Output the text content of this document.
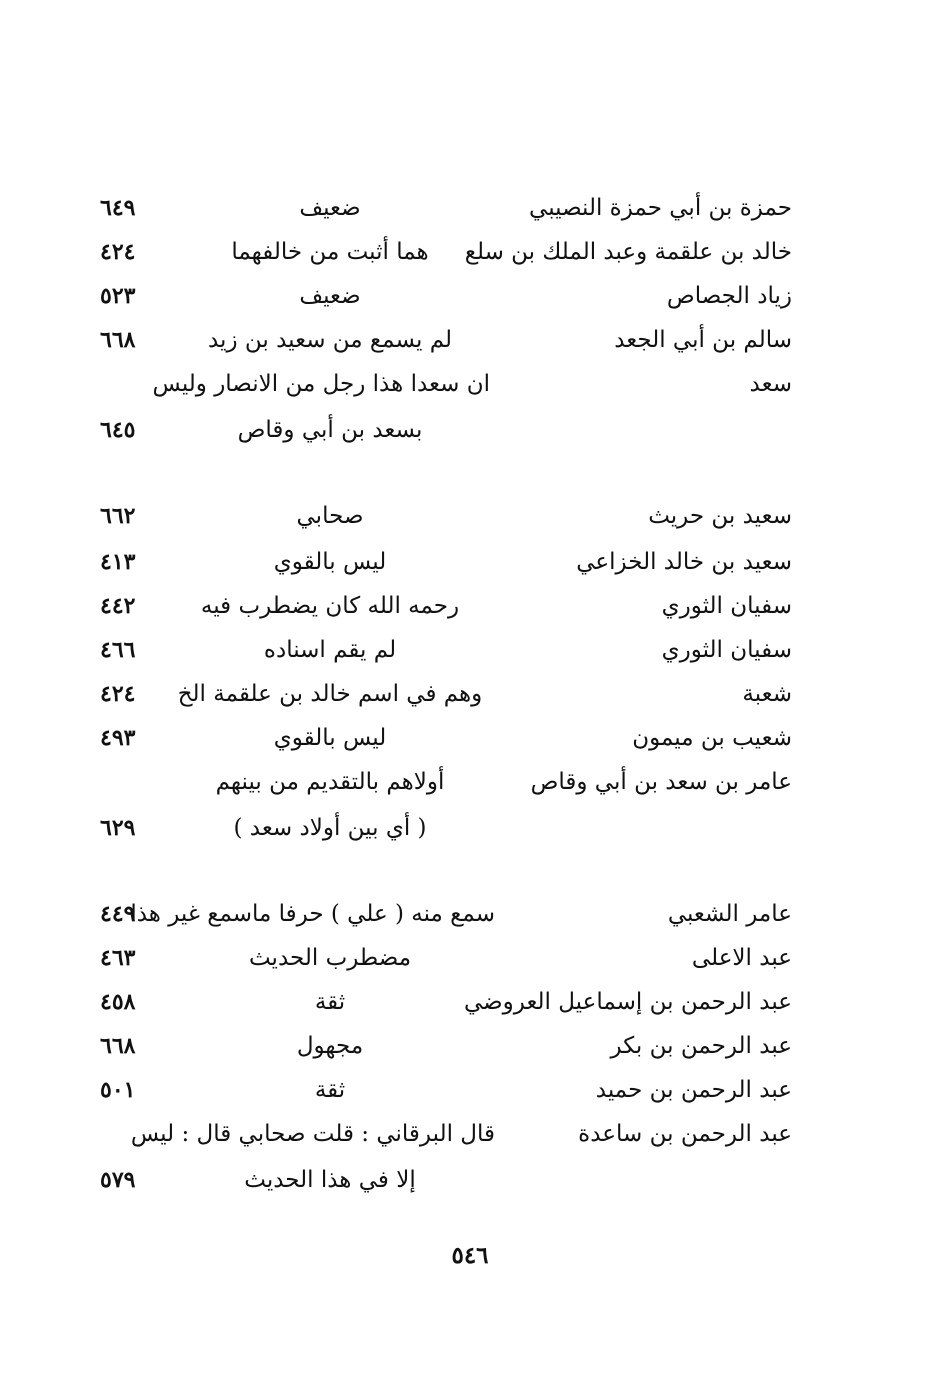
حمزة بن أبي حمزة النصيبي
ضعيف
٦٤٩
خالد بن علقمة وعبد الملك بن سلع
هما أثبت من خالفهما
٤٢٤
زياد الجصاص
ضعيف
٥٢٣
سالم بن أبي الجعد
لم يسمع من سعيد بن زيد
٦٦٨
سعد
ان سعدا هذا رجل من الانصار وليس
بسعد بن أبي وقاص
٦٤٥
سعيد بن حريث
صحابي
٦٦٢
سعيد بن خالد الخزاعي
ليس بالقوي
٤١٣
سفيان الثوري
رحمه الله كان يضطرب فيه
٤٤٢
سفيان الثوري
لم يقم اسناده
٤٦٦
شعبة
وهم في اسم خالد بن علقمة الخ
٤٢٤
شعيب بن ميمون
ليس بالقوي
٤٩٣
عامر بن سعد بن أبي وقاص
أولاهم بالتقديم من بينهم
( أي بين أولاد سعد )
٦٢٩
عامر الشعبي
سمع منه ( علي ) حرفا ماسمع غير هذا
٤٤٩
عبد الاعلى
مضطرب الحديث
٤٦٣
عبد الرحمن بن إسماعيل العروضي
ثقة
٤٥٨
عبد الرحمن بن بكر
مجهول
٦٦٨
عبد الرحمن بن حميد
ثقة
٥٠١
عبد الرحمن بن ساعدة
قال البرقاني : قلت صحابي قال : ليس
إلا في هذا الحديث
٥٧٩
٥٤٦
